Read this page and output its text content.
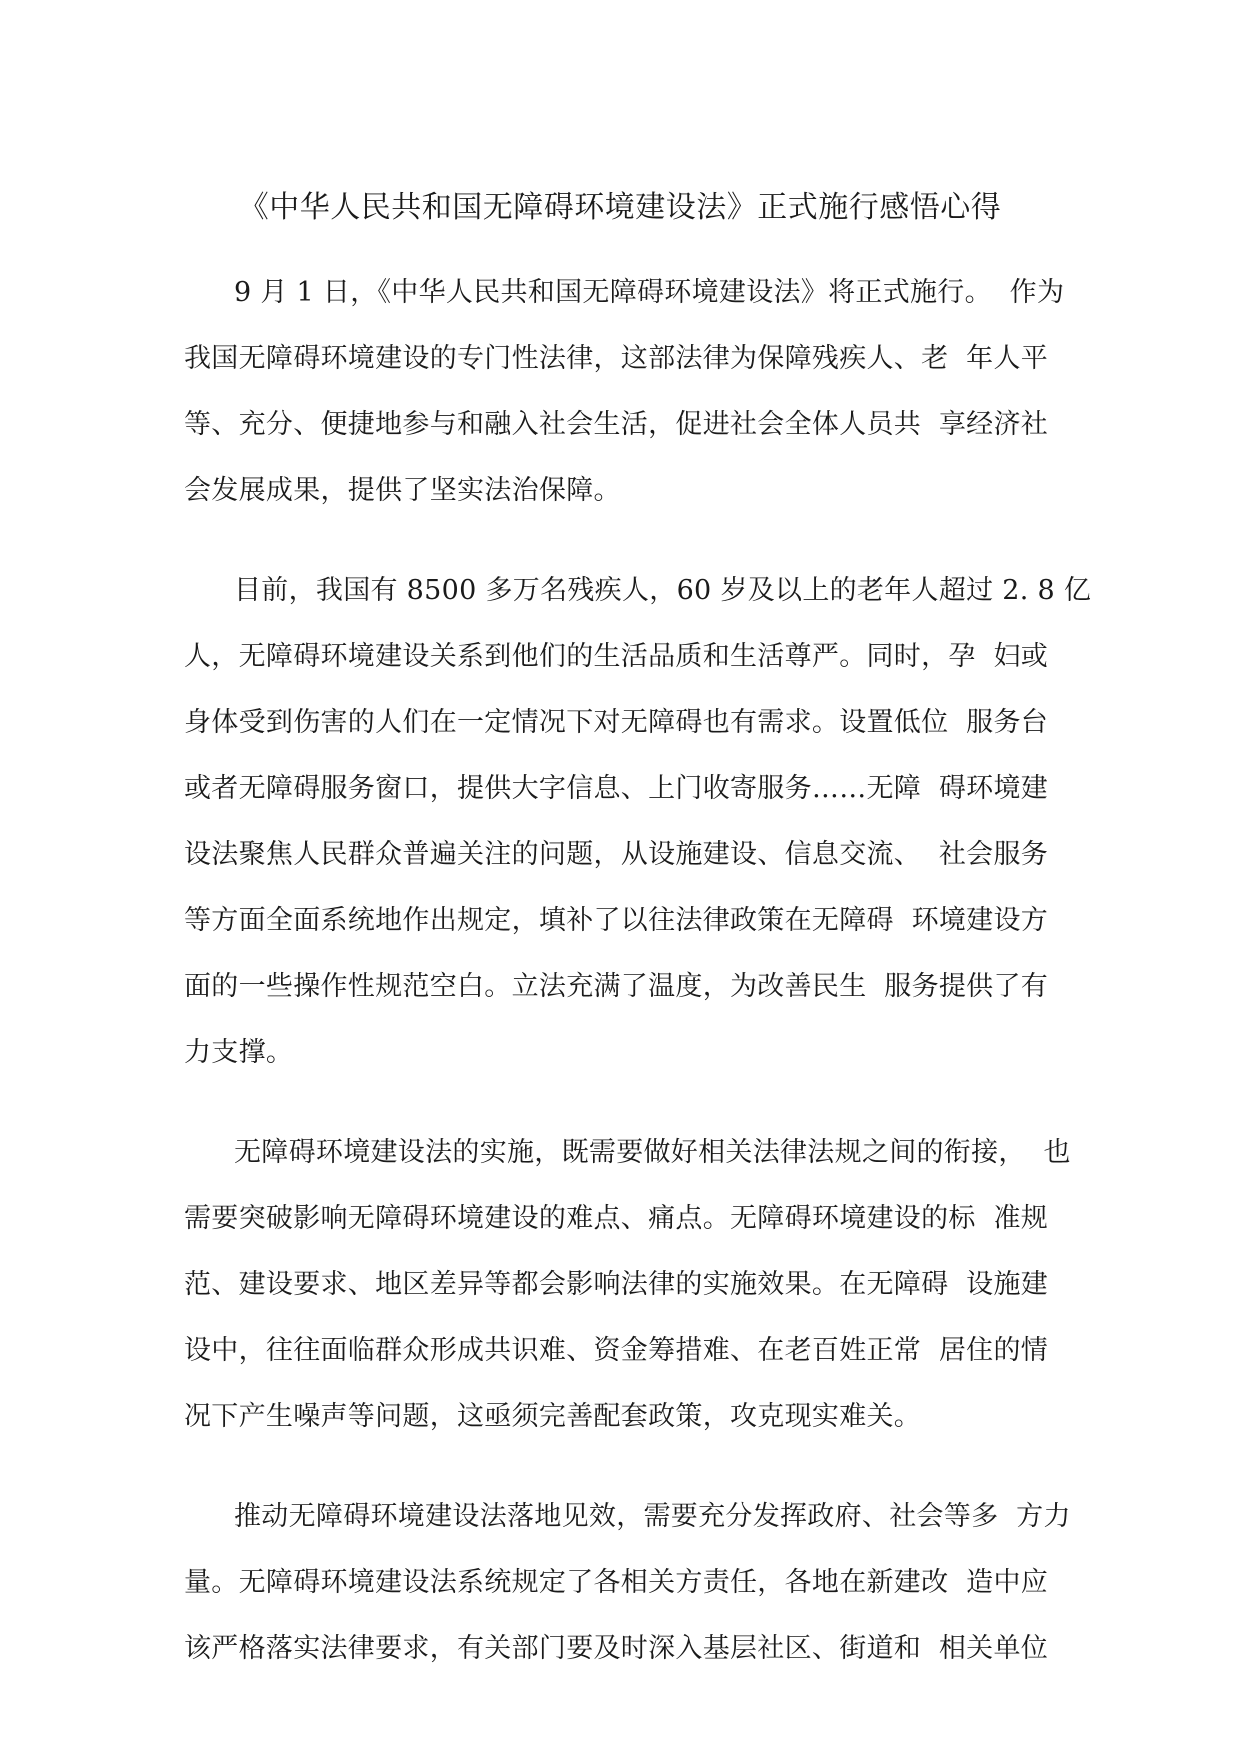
《中华人民共和国无障碍环境建设法》正式施行感悟心得
9 月 1 日，《中华人民共和国无障碍环境建设法》将正式施行。  作为
我国无障碍环境建设的专门性法律，这部法律为保障残疾人、老  年人平
等、充分、便捷地参与和融入社会生活，促进社会全体人员共  享经济社
会发展成果，提供了坚实法治保障。
目前，我国有 8500 多万名残疾人，60 岁及以上的老年人超过 2. 8 亿
人，无障碍环境建设关系到他们的生活品质和生活尊严。同时，孕  妇或
身体受到伤害的人们在一定情况下对无障碍也有需求。设置低位  服务台
或者无障碍服务窗口，提供大字信息、上门收寄服务……无障  碍环境建
设法聚焦人民群众普遍关注的问题，从设施建设、信息交流、  社会服务
等方面全面系统地作出规定，填补了以往法律政策在无障碍  环境建设方
面的一些操作性规范空白。立法充满了温度，为改善民生  服务提供了有
力支撑。
无障碍环境建设法的实施，既需要做好相关法律法规之间的衔接，  也
需要突破影响无障碍环境建设的难点、痛点。无障碍环境建设的标  准规
范、建设要求、地区差异等都会影响法律的实施效果。在无障碍  设施建
设中，往往面临群众形成共识难、资金筹措难、在老百姓正常  居住的情
况下产生噪声等问题，这亟须完善配套政策，攻克现实难关。
推动无障碍环境建设法落地见效，需要充分发挥政府、社会等多  方力
量。无障碍环境建设法系统规定了各相关方责任，各地在新建改  造中应
该严格落实法律要求，有关部门要及时深入基层社区、街道和  相关单位
